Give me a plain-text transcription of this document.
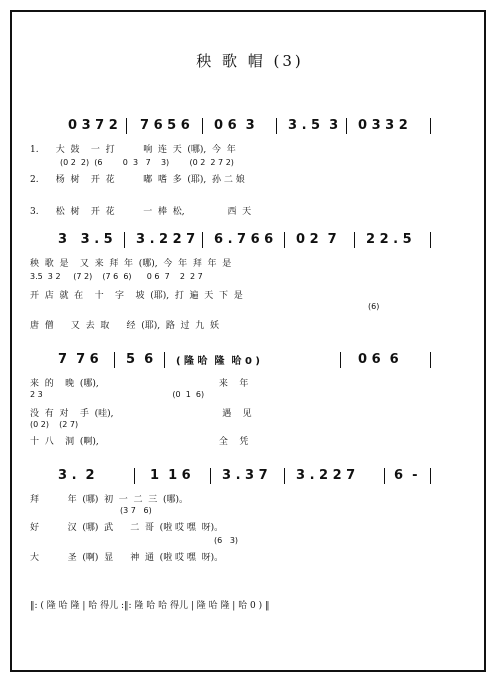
秧 歌 帽 (3)
0 3 7 2 7 6 5 6 0 6  3	3 . 5  3 0 3 3 2
1.      大  鼓    一  打          响  连  天  (哪),  今  年
(0 2  2)  (6        0  3   7    3)        (0 2  2 7 2)
2.      杨  树    开  花          嘟  嗜  多  (耶),  孙 二 娘
3.      松  树    开  花          一  棒  松,               西  天
3   3 . 5 3 . 2 2 7 6 . 7 6 6 0 2  7 2 2 . 5
秧  歌  是    又  来  拜  年  (哪),  今  年  拜  年  是
3.5  3 2     (7 2)    (7 6  6)      0 6  7    2  2 7
开  店  就  在    十    字    坡  (耶),  打  遍  天  下  是
(6)
唐  僧      又  去  取      经  (耶),  路  过  九  妖
7  7 6 5  6 ( 隆 哈  隆  哈 0 )	0 6  6
来  的    晚  (哪),                                          来    年
2 3                                                   (0  1  6)
没  有  对    手  (哇),                                      遇    见
(0 2)    (2 7)
十  八    洞  (啊),                                          全    凭
3 .  2	1  1 6 3 . 3 7 3 . 2 2 7	6  -
拜          年  (哪)  初  一  二  三  (哪)。
(3 7   6)
好          汉  (哪)  武      二  哥  (啦 哎 嘿  呀)。
(6   3)
大          圣  (啊)  显      神  通  (啦 哎 嘿  呀)。
‖: ( 隆 哈 隆 | 哈 得儿 :‖: 隆 哈 哈 得儿 | 隆 哈 隆 | 哈 0 ) ‖
